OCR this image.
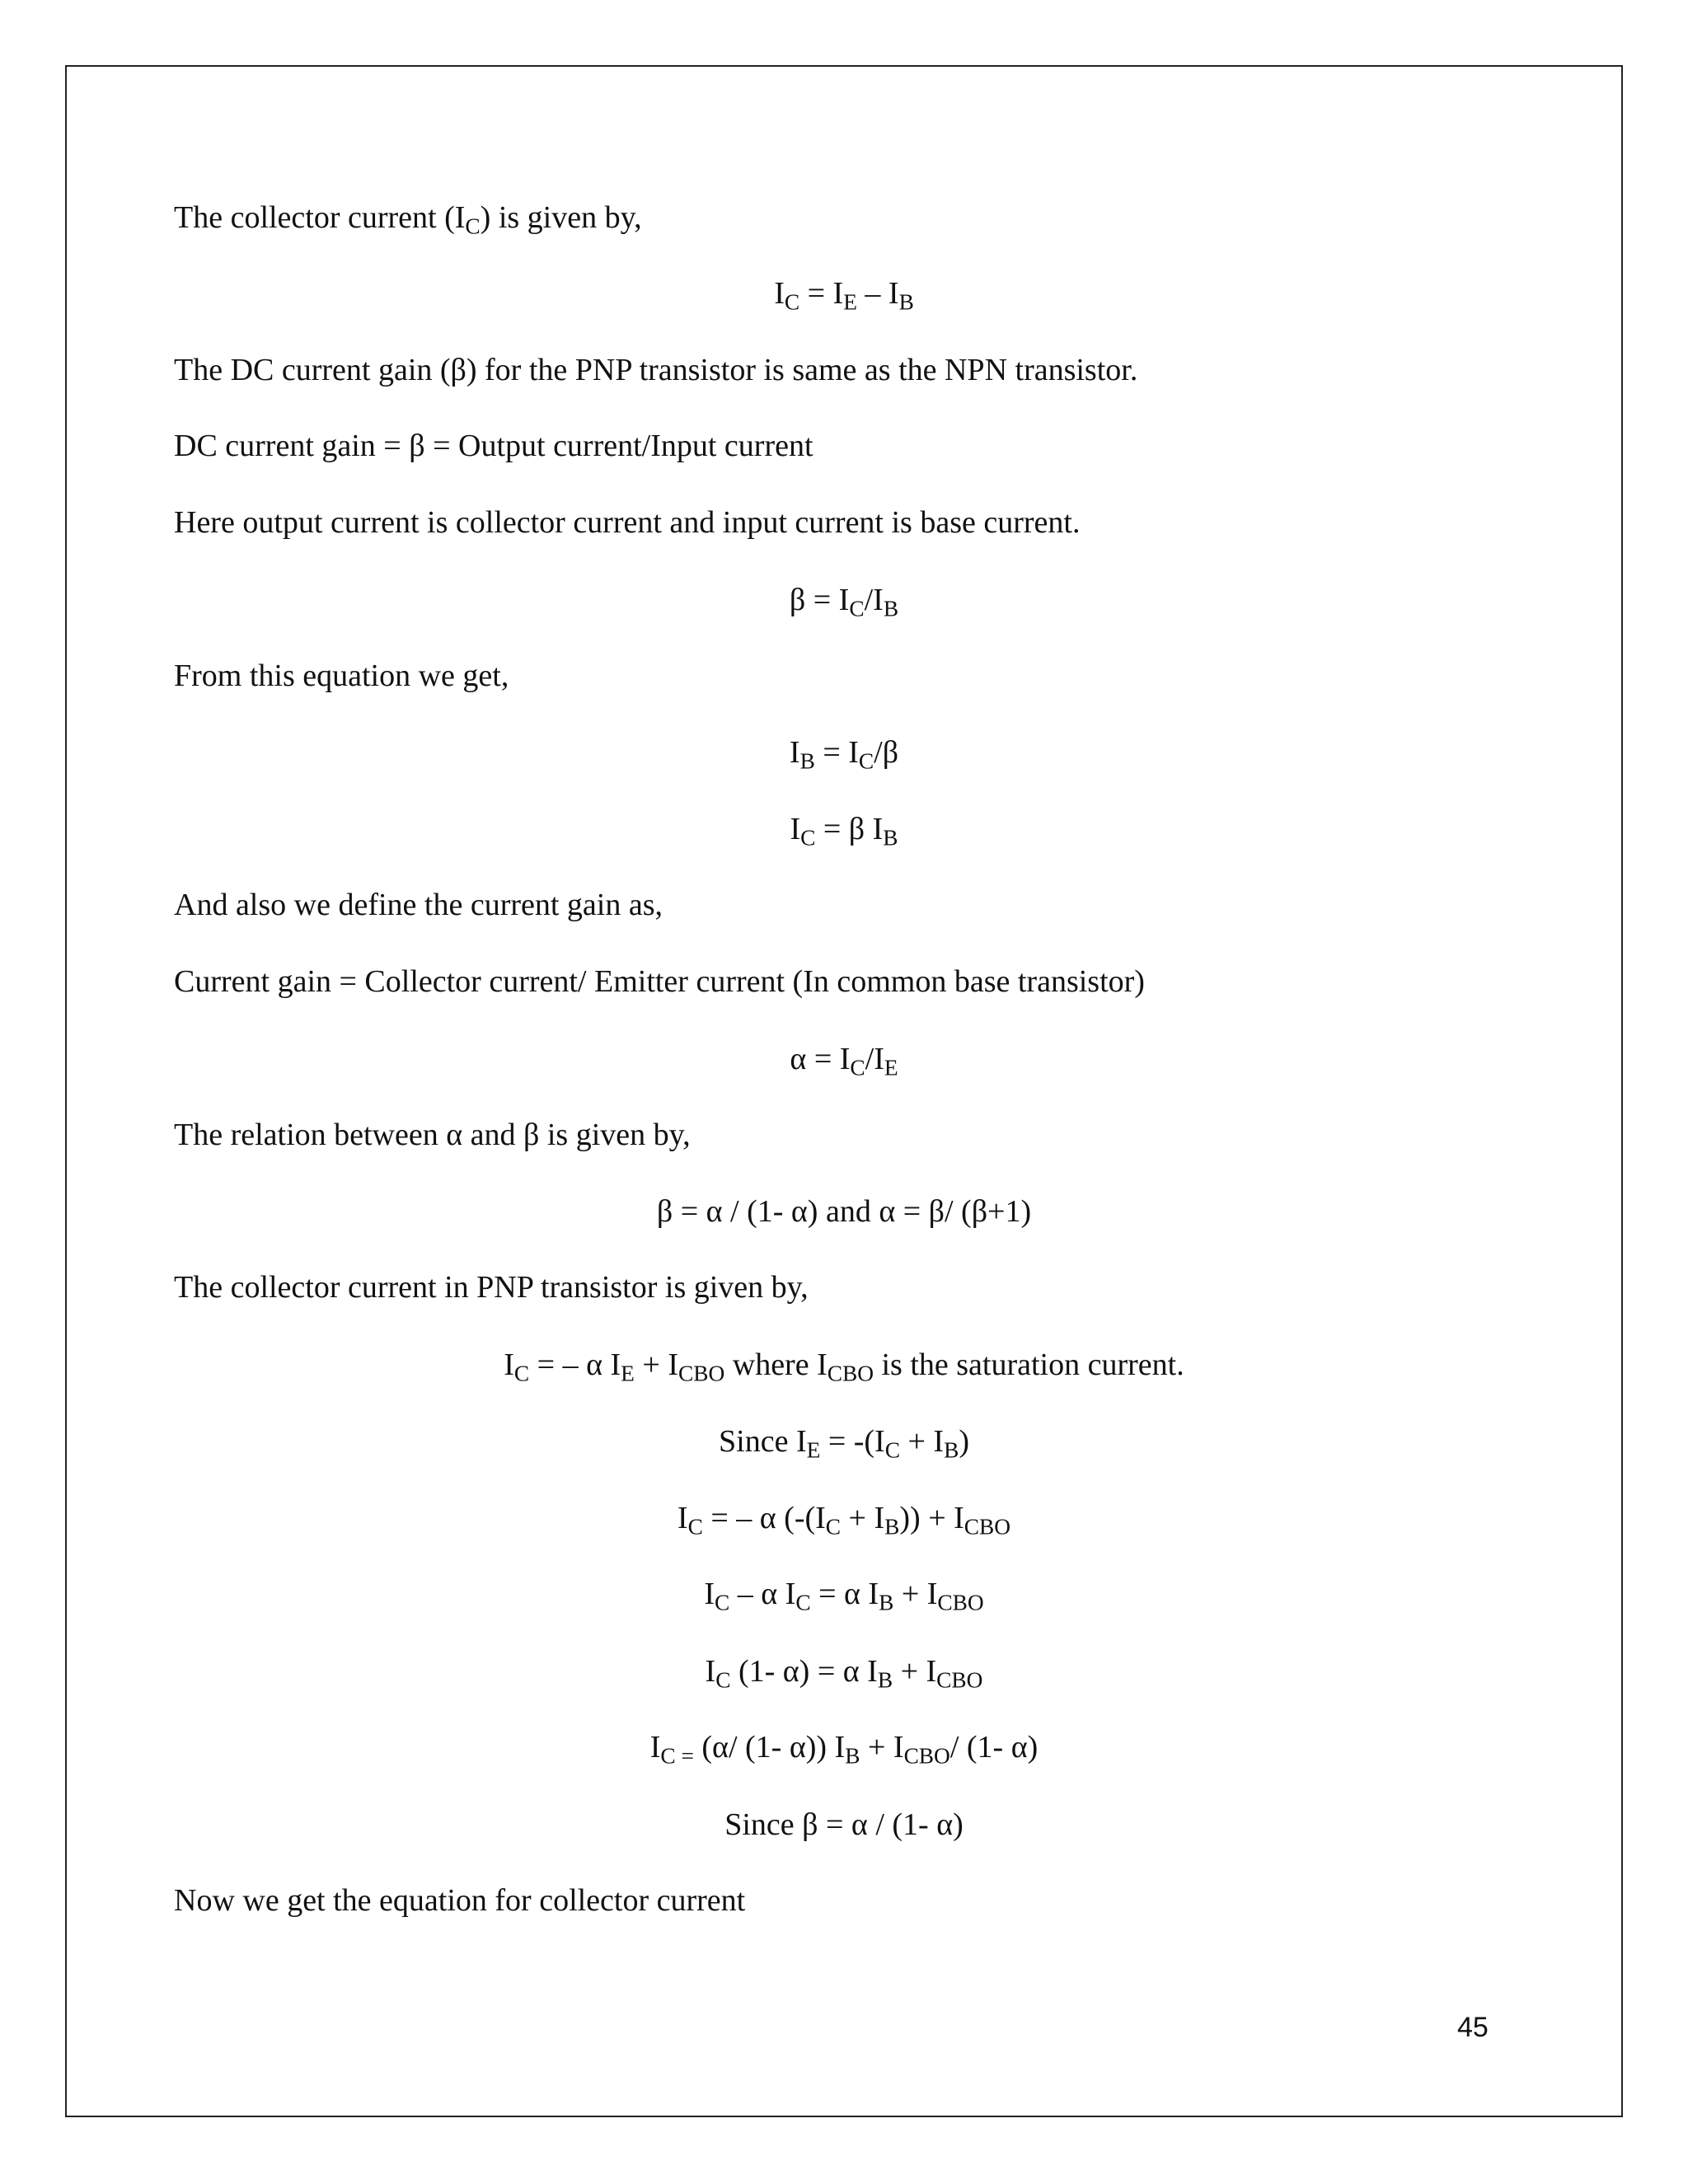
The collector current $(I_C)$ is given by,
$I_C = I_E - I_B$
The DC current gain (β) for the PNP transistor is same as the NPN transistor.
DC current gain = β = Output current/Input current
Here output current is collector current and input current is base current.
$\beta = I_C/I_B$
From this equation we get,
$I_B = I_C/\beta$
$I_C = \beta$ $I_B$
And also we define the current gain as,
Current gain = Collector current/ Emitter current (In common base transistor)
$\alpha = I_C/I_E$
The relation between α and β is given by,
β = α / (1- α) and α = β/ (β+1)
The collector current in PNP transistor is given by,
$I_C$ = – α $I_E + I_{CBO}$ where $I_{CBO}$ is the saturation current.
Since $I_E = -(I_C + I_B)$
$I_C$ = – α $(-(I_C + I_B)) + I_{CBO}$
$I_C$ – α $I_C = \alpha$ $I_B + I_{CBO}$
$I_C$ (1- α) = α $I_B + I_{CBO}$
$I_{C =}$ (α/ (1- α)) $I_B + I_{CBO}/$ (1- α)
Since β = α / (1- α)
Now we get the equation for collector current
45
